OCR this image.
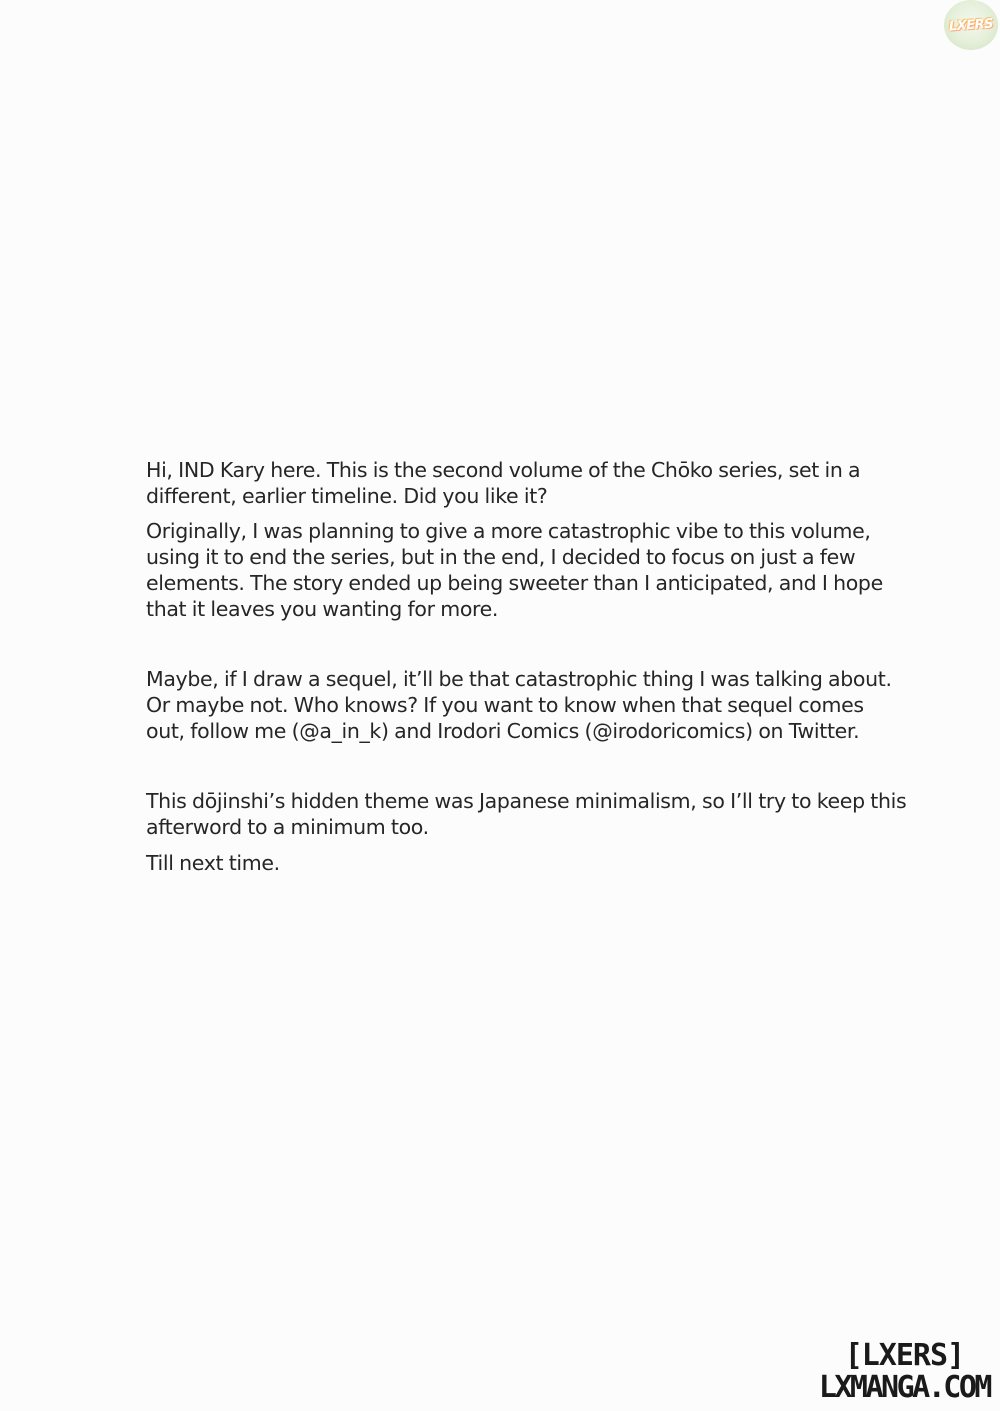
LXERS

Hi, IND Kary here. This is the second volume of the Chōko series, set in a
different, earlier timeline. Did you like it?

Originally, I was planning to give a more catastrophic vibe to this volume,
using it to end the series, but in the end, I decided to focus on just a few
elements. The story ended up being sweeter than I anticipated, and I hope
that it leaves you wanting for more.

Maybe, if I draw a sequel, it’ll be that catastrophic thing I was talking about.
Or maybe not. Who knows? If you want to know when that sequel comes
out, follow me (@a_in_k) and Irodori Comics (@irodoricomics) on Twitter.

This dōjinshi’s hidden theme was Japanese minimalism, so I’ll try to keep this
afterword to a minimum too.

Till next time.

[LXERS]
LXMANGA.COM
